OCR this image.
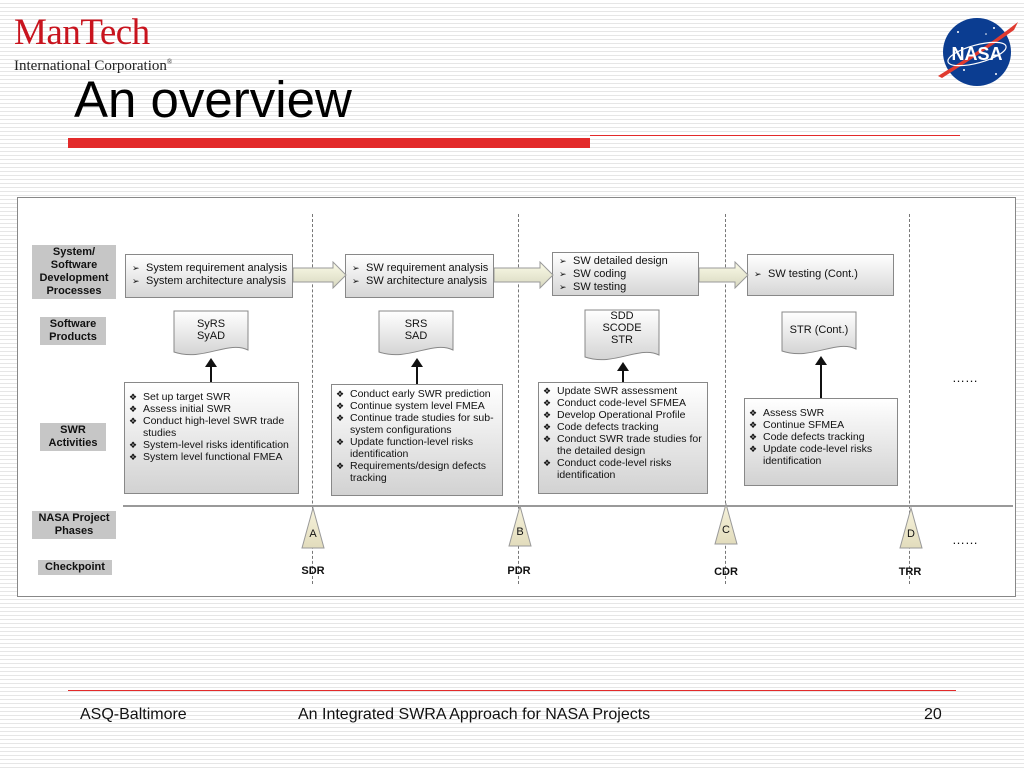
ManTech
International Corporation®
An overview
NASA
System/ Software Development Processes
Software Products
SWR Activities
NASA Project Phases
Checkpoint
➢ System requirement analysis
➢ System architecture analysis
➢ SW requirement analysis
➢ SW architecture analysis
➢ SW detailed design
➢ SW coding
➢ SW testing
➢ SW testing (Cont.)
SyRS
SyAD
SRS
SAD
SDD
SCODE
STR
STR (Cont.)
❖ Set up target SWR
❖ Assess initial SWR
❖ Conduct high-level SWR trade studies
❖ System-level risks identification
❖ System level functional FMEA
❖ Conduct early SWR prediction
❖ Continue system level FMEA
❖ Continue trade studies for sub-system configurations
❖ Update function-level risks identification
❖ Requirements/design defects tracking
❖ Update SWR assessment
❖ Conduct code-level SFMEA
❖ Develop Operational Profile
❖ Code defects tracking
❖ Conduct SWR trade studies for the detailed design
❖ Conduct code-level risks identification
❖ Assess SWR
❖ Continue SFMEA
❖ Code defects tracking
❖ Update code-level risks identification
……
A	B	C	D	……
SDR	PDR	CDR	TRR
ASQ-Baltimore	An Integrated SWRA Approach for NASA Projects	20
